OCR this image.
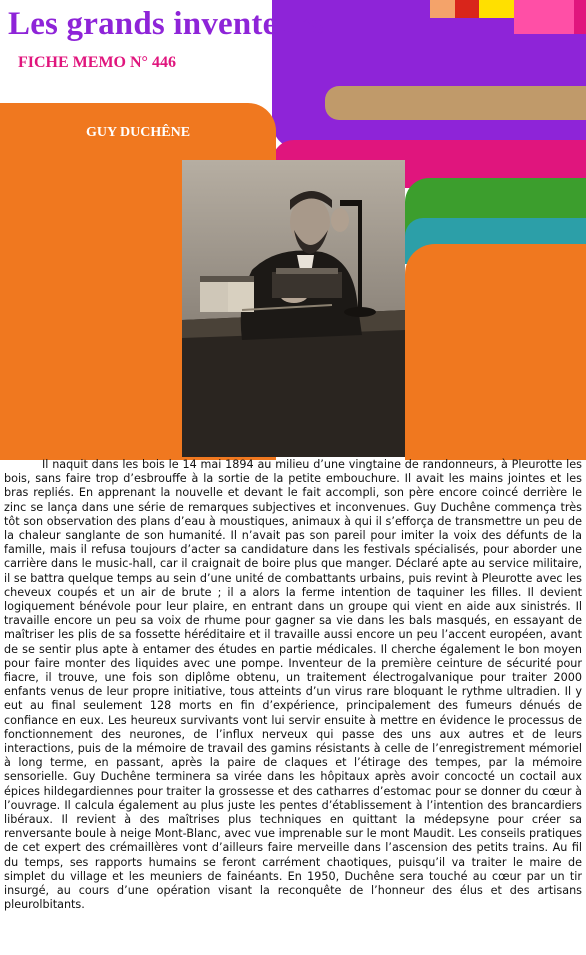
Les grands inventeurs
FICHE MEMO N° 446
GUY DUCHÊNE

Il naquit dans les bois le 14 mai 1894 au milieu d’une vingtaine de randonneurs, à Pleurotte les bois, sans faire trop d’esbrouffe à la sortie de la petite embouchure. Il avait les mains jointes et les bras repliés. En apprenant la nouvelle et devant le fait accompli, son père encore coincé derrière le zinc se lança dans une série de remarques subjectives et inconvenues. Guy Duchêne commença très tôt son observation des plans d’eau à moustiques, animaux à qui il s’efforça de transmettre un peu de la chaleur sanglante de son humanité. Il n’avait pas son pareil pour imiter la voix des défunts de la famille, mais il refusa toujours d’acter sa candidature dans les festivals spécialisés, pour aborder une carrière dans le music-hall, car il craignait de boire plus que manger. Déclaré apte au service militaire, il se battra quelque temps au sein d’une unité de combattants urbains, puis revint à Pleurotte avec les cheveux coupés et un air de brute ; il a alors la ferme intention de taquiner les filles. Il devient logiquement bénévole pour leur plaire, en entrant dans un groupe qui vient en aide aux sinistrés. Il travaille encore un peu sa voix de rhume pour gagner sa vie dans les bals masqués, en essayant de maîtriser les plis de sa fossette héréditaire et il travaille aussi encore un peu l’accent européen, avant de se sentir plus apte à entamer des études en partie médicales. Il cherche également le bon moyen pour faire monter des liquides avec une pompe. Inventeur de la première ceinture de sécurité pour fiacre, il trouve, une fois son diplôme obtenu, un traitement électrogalvanique pour traiter 2000 enfants venus de leur propre initiative, tous atteints d’un virus rare bloquant le rythme ultradien. Il y eut au final seulement 128 morts en fin d’expérience, principalement des fumeurs dénués de confiance en eux. Les heureux survivants vont lui servir ensuite à mettre en évidence le processus de fonctionnement des neurones, de l’influx nerveux qui passe des uns aux autres et de leurs interactions, puis de la mémoire de travail des gamins résistants à celle de l’enregistrement mémoriel à long terme, en passant, après la paire de claques et l’étirage des tempes, par la mémoire sensorielle. Guy Duchêne terminera sa virée dans les hôpitaux après avoir concocté un coctail aux épices hildegardiennes pour traiter la grossesse et des catharres d’estomac pour se donner du cœur à l’ouvrage. Il calcula également au plus juste les pentes d’établissement à l’intention des brancardiers libéraux. Il revient à des maîtrises plus techniques en quittant la médepsyne pour créer sa renversante boule à neige Mont-Blanc, avec vue imprenable sur le mont Maudit. Les conseils pratiques de cet expert des crémaillères vont d’ailleurs faire merveille dans l’ascension des petits trains. Au fil du temps, ses rapports humains se feront carrément chaotiques, puisqu’il va traiter le maire de simplet du village et les meuniers de fainéants. En 1950, Duchêne sera touché au cœur par un tir insurgé, au cours d’une opération visant la reconquête de l’honneur des élus et des artisans pleurolbitants.
